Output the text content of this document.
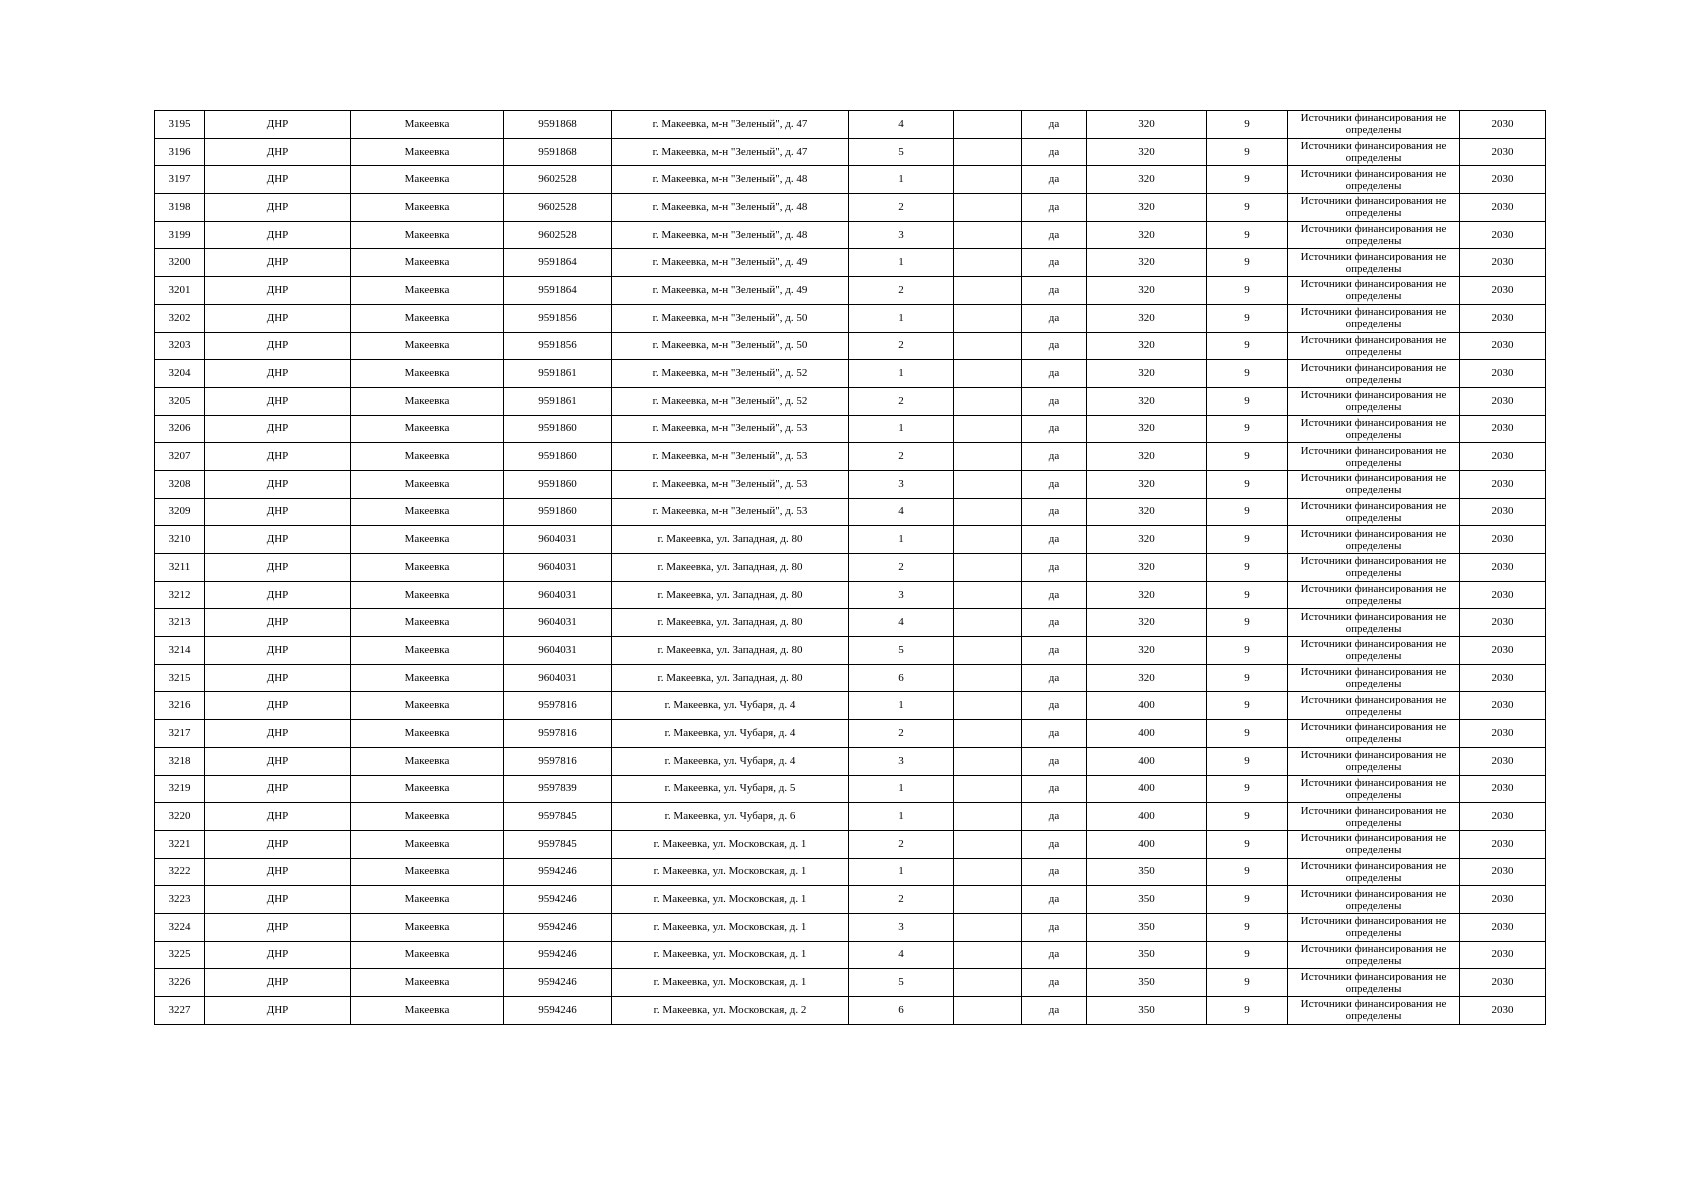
3195	ДНР	Макеевка	9591868	г. Макеевка, м-н "Зеленый", д. 47	4		да	320	9	Источники финансирования не определены	2030
3196	ДНР	Макеевка	9591868	г. Макеевка, м-н "Зеленый", д. 47	5		да	320	9	Источники финансирования не определены	2030
3197	ДНР	Макеевка	9602528	г. Макеевка, м-н "Зеленый", д. 48	1		да	320	9	Источники финансирования не определены	2030
3198	ДНР	Макеевка	9602528	г. Макеевка, м-н "Зеленый", д. 48	2		да	320	9	Источники финансирования не определены	2030
3199	ДНР	Макеевка	9602528	г. Макеевка, м-н "Зеленый", д. 48	3		да	320	9	Источники финансирования не определены	2030
3200	ДНР	Макеевка	9591864	г. Макеевка, м-н "Зеленый", д. 49	1		да	320	9	Источники финансирования не определены	2030
3201	ДНР	Макеевка	9591864	г. Макеевка, м-н "Зеленый", д. 49	2		да	320	9	Источники финансирования не определены	2030
3202	ДНР	Макеевка	9591856	г. Макеевка, м-н "Зеленый", д. 50	1		да	320	9	Источники финансирования не определены	2030
3203	ДНР	Макеевка	9591856	г. Макеевка, м-н "Зеленый", д. 50	2		да	320	9	Источники финансирования не определены	2030
3204	ДНР	Макеевка	9591861	г. Макеевка, м-н "Зеленый", д. 52	1		да	320	9	Источники финансирования не определены	2030
3205	ДНР	Макеевка	9591861	г. Макеевка, м-н "Зеленый", д. 52	2		да	320	9	Источники финансирования не определены	2030
3206	ДНР	Макеевка	9591860	г. Макеевка, м-н "Зеленый", д. 53	1		да	320	9	Источники финансирования не определены	2030
3207	ДНР	Макеевка	9591860	г. Макеевка, м-н "Зеленый", д. 53	2		да	320	9	Источники финансирования не определены	2030
3208	ДНР	Макеевка	9591860	г. Макеевка, м-н "Зеленый", д. 53	3		да	320	9	Источники финансирования не определены	2030
3209	ДНР	Макеевка	9591860	г. Макеевка, м-н "Зеленый", д. 53	4		да	320	9	Источники финансирования не определены	2030
3210	ДНР	Макеевка	9604031	г. Макеевка, ул. Западная, д. 80	1		да	320	9	Источники финансирования не определены	2030
3211	ДНР	Макеевка	9604031	г. Макеевка, ул. Западная, д. 80	2		да	320	9	Источники финансирования не определены	2030
3212	ДНР	Макеевка	9604031	г. Макеевка, ул. Западная, д. 80	3		да	320	9	Источники финансирования не определены	2030
3213	ДНР	Макеевка	9604031	г. Макеевка, ул. Западная, д. 80	4		да	320	9	Источники финансирования не определены	2030
3214	ДНР	Макеевка	9604031	г. Макеевка, ул. Западная, д. 80	5		да	320	9	Источники финансирования не определены	2030
3215	ДНР	Макеевка	9604031	г. Макеевка, ул. Западная, д. 80	6		да	320	9	Источники финансирования не определены	2030
3216	ДНР	Макеевка	9597816	г. Макеевка, ул. Чубаря, д. 4	1		да	400	9	Источники финансирования не определены	2030
3217	ДНР	Макеевка	9597816	г. Макеевка, ул. Чубаря, д. 4	2		да	400	9	Источники финансирования не определены	2030
3218	ДНР	Макеевка	9597816	г. Макеевка, ул. Чубаря, д. 4	3		да	400	9	Источники финансирования не определены	2030
3219	ДНР	Макеевка	9597839	г. Макеевка, ул. Чубаря, д. 5	1		да	400	9	Источники финансирования не определены	2030
3220	ДНР	Макеевка	9597845	г. Макеевка, ул. Чубаря, д. 6	1		да	400	9	Источники финансирования не определены	2030
3221	ДНР	Макеевка	9597845	г. Макеевка, ул. Московская, д. 1	2		да	400	9	Источники финансирования не определены	2030
3222	ДНР	Макеевка	9594246	г. Макеевка, ул. Московская, д. 1	1		да	350	9	Источники финансирования не определены	2030
3223	ДНР	Макеевка	9594246	г. Макеевка, ул. Московская, д. 1	2		да	350	9	Источники финансирования не определены	2030
3224	ДНР	Макеевка	9594246	г. Макеевка, ул. Московская, д. 1	3		да	350	9	Источники финансирования не определены	2030
3225	ДНР	Макеевка	9594246	г. Макеевка, ул. Московская, д. 1	4		да	350	9	Источники финансирования не определены	2030
3226	ДНР	Макеевка	9594246	г. Макеевка, ул. Московская, д. 1	5		да	350	9	Источники финансирования не определены	2030
3227	ДНР	Макеевка	9594246	г. Макеевка, ул. Московская, д. 2	6		да	350	9	Источники финансирования не определены	2030
